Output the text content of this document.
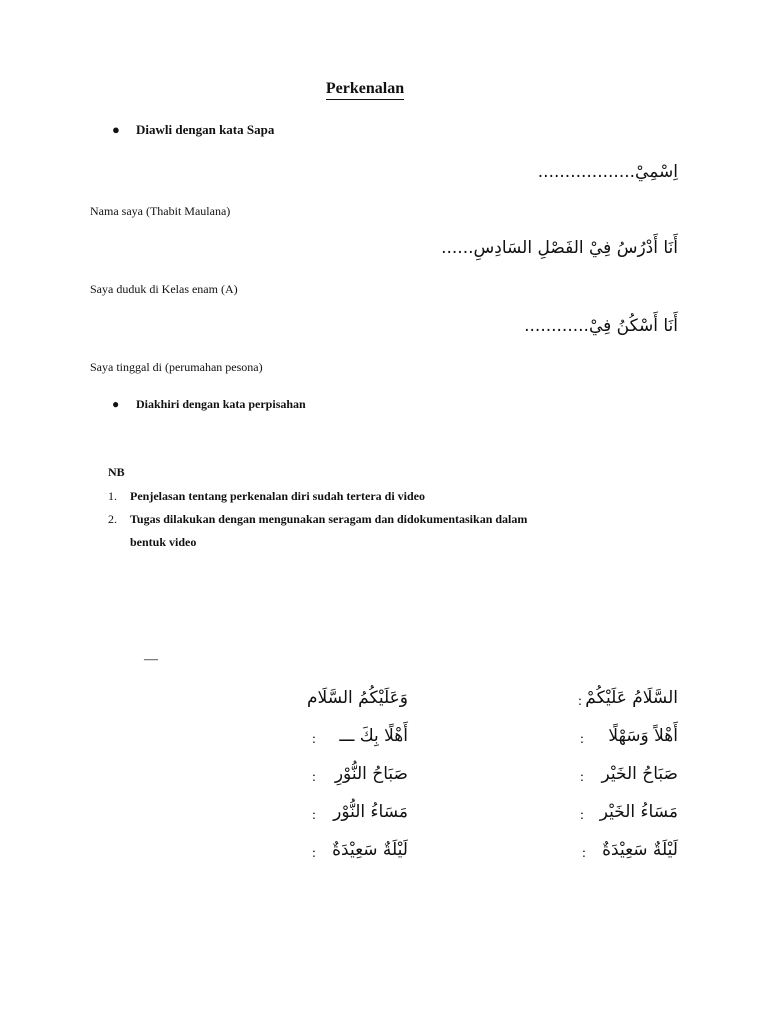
Perkenalan
● Diawli dengan kata Sapa
اِسْمِيْ..................
Nama saya (Thabit Maulana)
أَنَا أَدْرُسُ فِيْ الفَصْلِ السَادِسِ......
Saya duduk di Kelas enam (A)
أَنَا أَسْكُنُ فِيْ............
Saya tinggal di (perumahan pesona)
● Diakhiri dengan kata perpisahan
NB
1. Penjelasan tentang perkenalan diri sudah tertera di video
2. Tugas dilakukan dengan mengunakan seragam dan didokumentasikan dalam
bentuk video
—
السَّلَامُ عَلَيْكُمْ
:
وَعَلَيْكُمُ السَّلَام
أَهْلاً وَسَهْلًا
:
أَهْلًا بِكَ ـــ
:
صَبَاحُ الخَيْر
:
صَبَاحُ النُّوْرِ
:
مَسَاءُ الخَيْر
:
مَسَاءُ النُّوْر
:
لَيْلَةٌ سَعِيْدَةٌ
:
لَيْلَةٌ سَعِيْدَةٌ
:
